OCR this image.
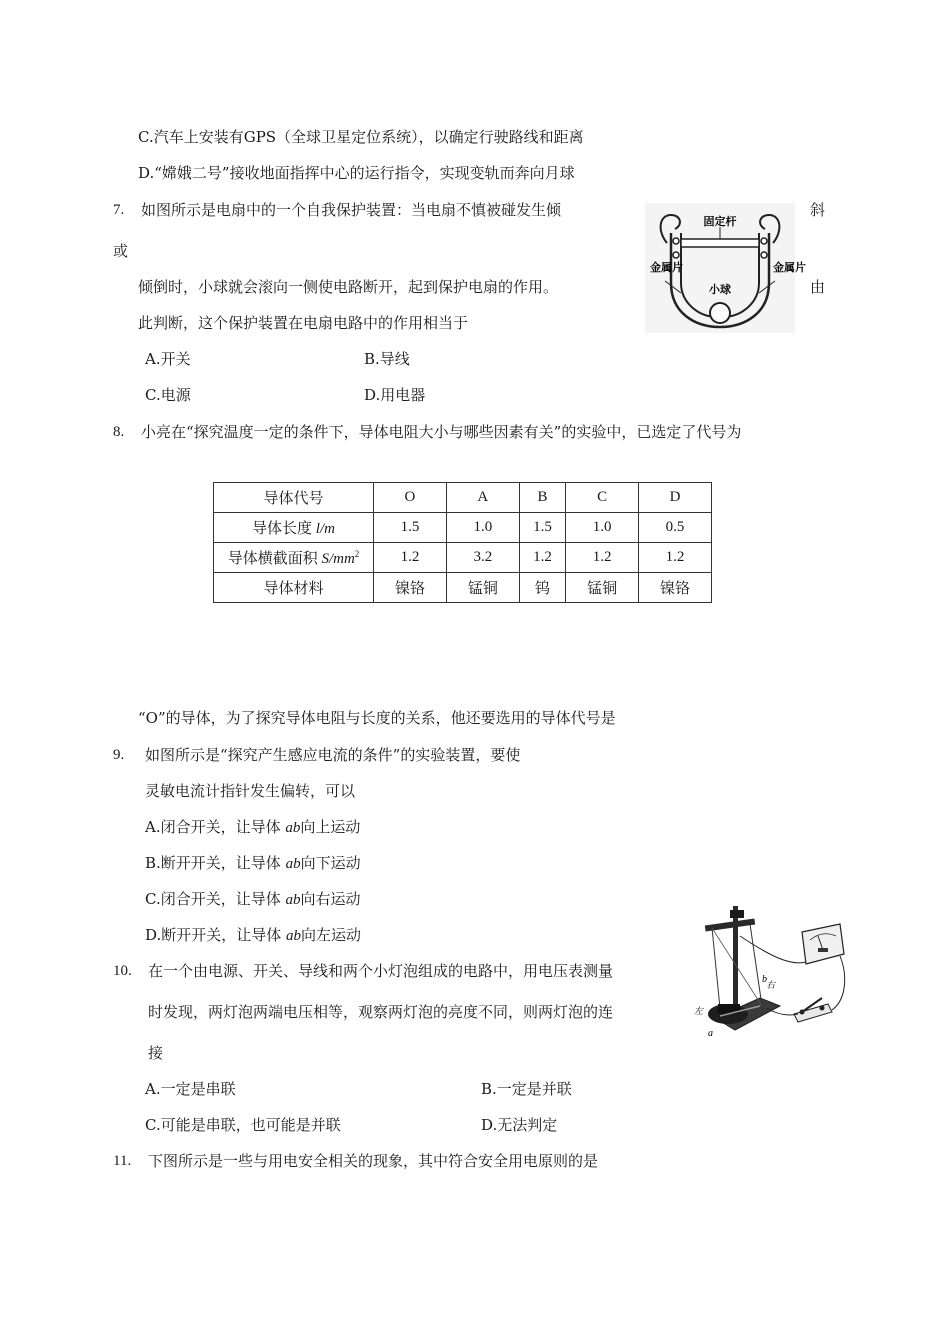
C.汽车上安装有GPS（全球卫星定位系统），以确定行驶路线和距离
D.“嫦娥二号”接收地面指挥中心的运行指令，实现变轨而奔向月球
7. 如图所示是电扇中的一个自我保护装置：当电扇不慎被碰发生倾	斜
或
倾倒时，小球就会滚向一侧使电路断开，起到保护电扇的作用。	由
此判断，这个保护装置在电扇电路中的作用相当于
A.开关	B.导线
C.电源	D.用电器
固定杆
小球
金属片	金属片
8. 小亮在“探究温度一定的条件下，导体电阻大小与哪些因素有关”的实验中，已选定了代号为
导体代号	O	A	B	C	D
导体长度 l/m	1.5	1.0	1.5	1.0	0.5
导体横截面积 $S/mm^2$	1.2	3.2	1.2	1.2	1.2
导体材料	镍铬	锰铜	钨	锰铜	镍铬
“O”的导体，为了探究导体电阻与长度的关系，他还要选用的导体代号是
9. 如图所示是“探究产生感应电流的条件”的实验装置，要使
灵敏电流计指针发生偏转，可以
A.闭合开关，让导体 ab向上运动
B.断开开关，让导体 ab向下运动
C.闭合开关，让导体 ab向右运动
D.断开开关，让导体 ab向左运动
左
右
a
b
10. 在一个由电源、开关、导线和两个小灯泡组成的电路中，用电压表测量
时发现，两灯泡两端电压相等，观察两灯泡的亮度不同，则两灯泡的连
接
A.一定是串联	B.一定是并联
C.可能是串联，也可能是并联	D.无法判定
11. 下图所示是一些与用电安全相关的现象，其中符合安全用电原则的是
